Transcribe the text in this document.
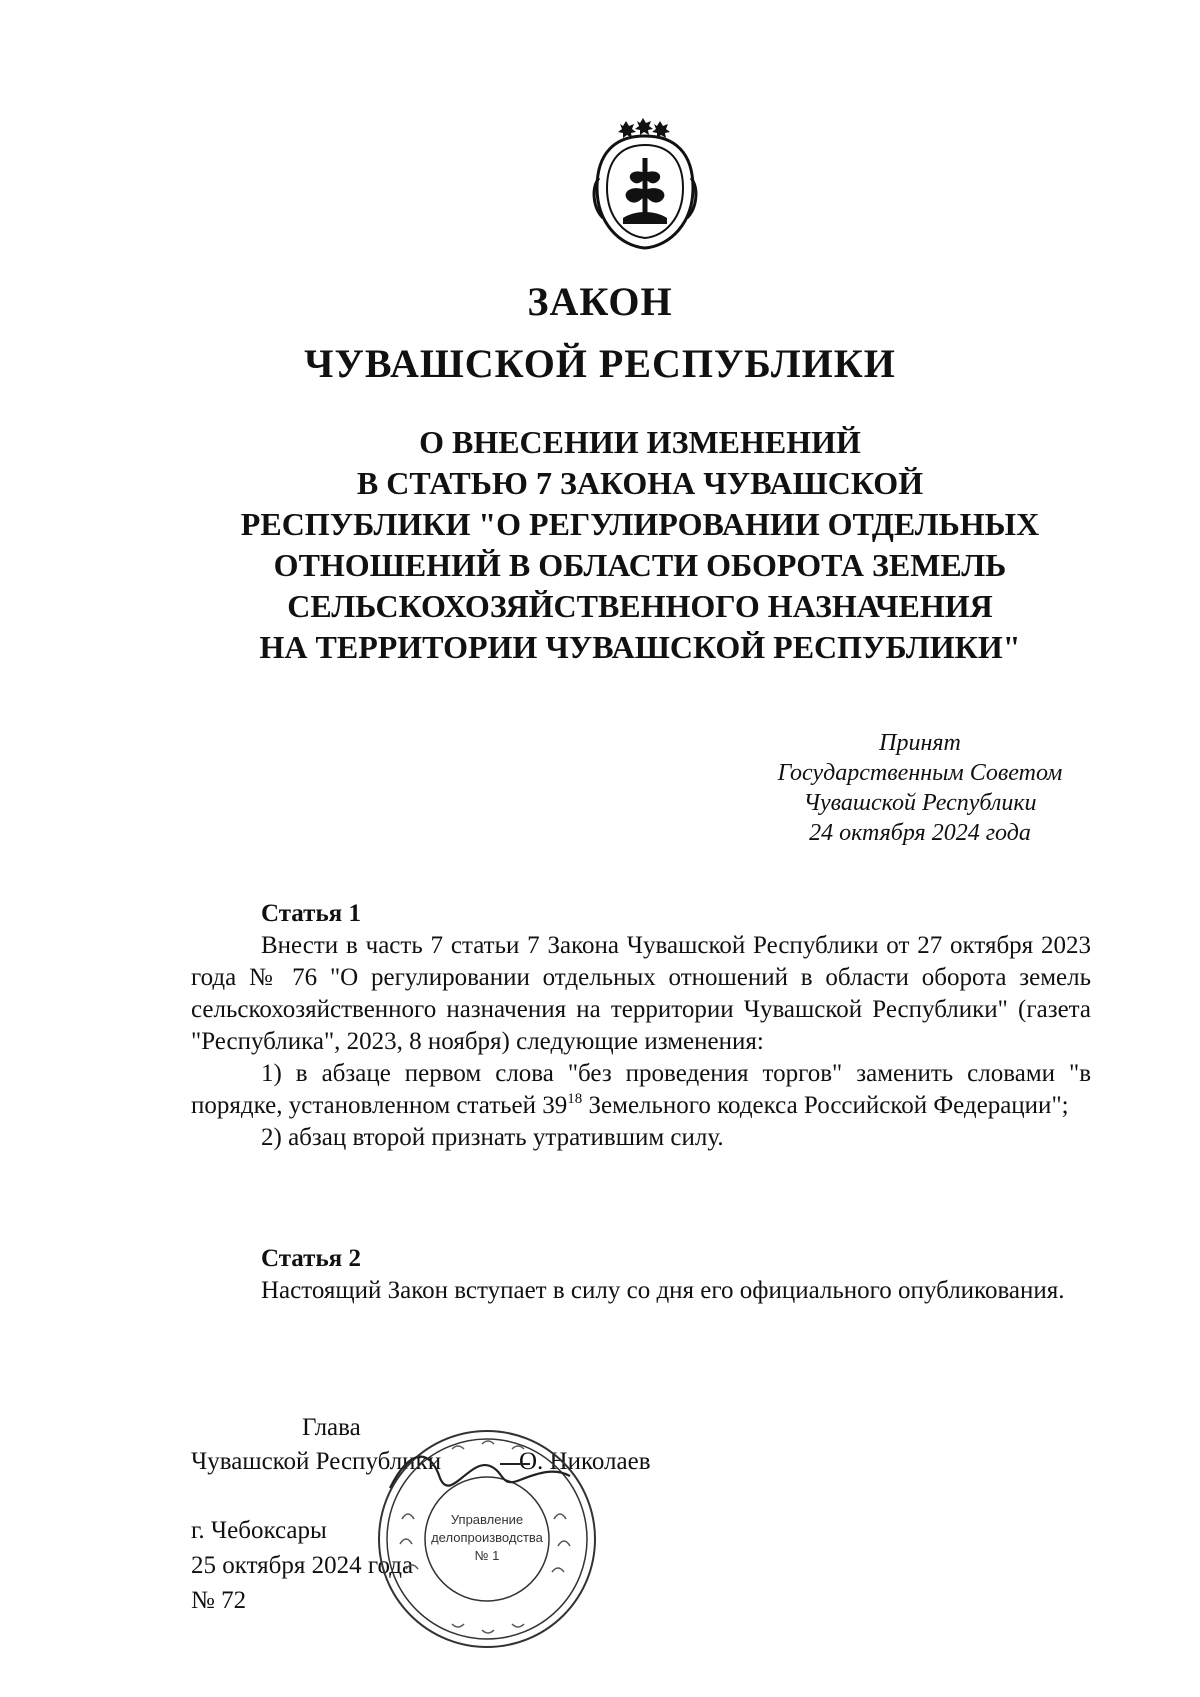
ЗАКОН
ЧУВАШСКОЙ РЕСПУБЛИКИ
О ВНЕСЕНИИ ИЗМЕНЕНИЙ
В СТАТЬЮ 7 ЗАКОНА ЧУВАШСКОЙ
РЕСПУБЛИКИ "О РЕГУЛИРОВАНИИ ОТДЕЛЬНЫХ
ОТНОШЕНИЙ В ОБЛАСТИ ОБОРОТА ЗЕМЕЛЬ
СЕЛЬСКОХОЗЯЙСТВЕННОГО НАЗНАЧЕНИЯ
НА ТЕРРИТОРИИ ЧУВАШСКОЙ РЕСПУБЛИКИ"
Принят
Государственным Советом
Чувашской Республики
24 октября 2024 года
Статья 1

Внести в часть 7 статьи 7 Закона Чувашской Республики от 27 октября 2023 года № 76 "О регулировании отдельных отношений в области оборота земель сельскохозяйственного назначения на территории Чувашской Республики" (газета "Республика", 2023, 8 ноября) следующие изменения:

1) в абзаце первом слова "без проведения торгов" заменить словами "в порядке, установленном статьей $39^{18}$ Земельного кодекса Российской Федерации";

2) абзац второй признать утратившим силу.

Статья 2

Настоящий Закон вступает в силу со дня его официального опубликования.

Глава
Чувашской Республики	О. Николаев
г. Чебоксары
25 октября 2024 года
№ 72
Управление
делопроизводства
№ 1
